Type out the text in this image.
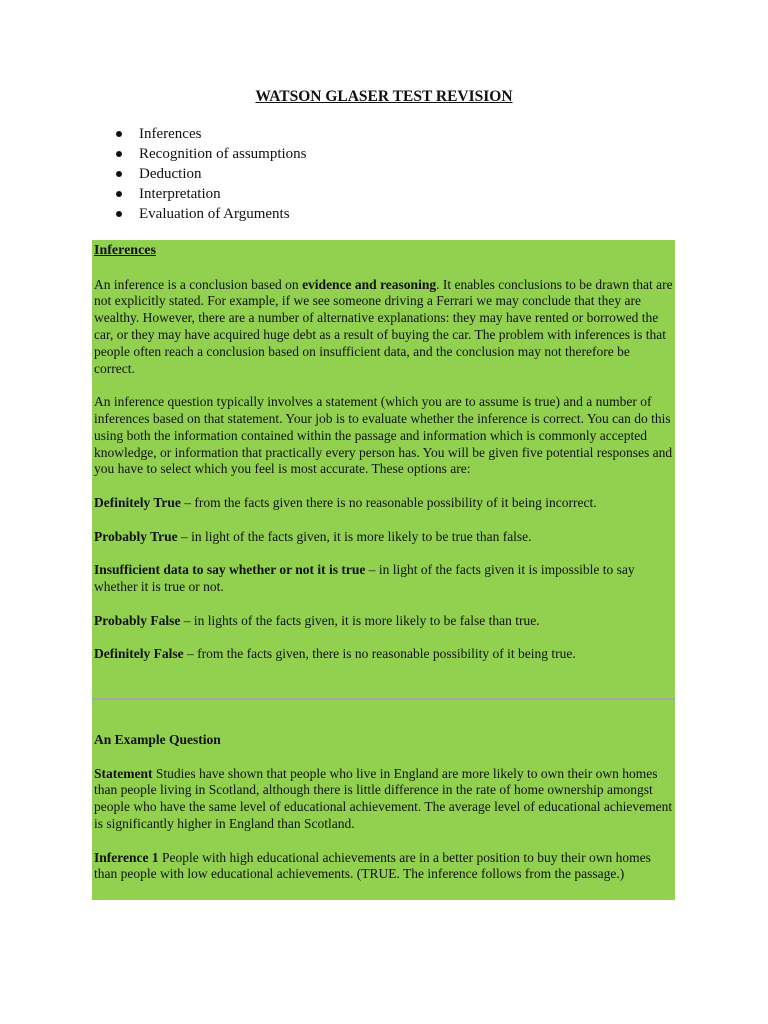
WATSON GLASER TEST REVISION
Inferences
Recognition of assumptions
Deduction
Interpretation
Evaluation of Arguments

Inferences

An inference is a conclusion based on evidence and reasoning. It enables conclusions to be drawn that are not explicitly stated. For example, if we see someone driving a Ferrari we may conclude that they are wealthy. However, there are a number of alternative explanations: they may have rented or borrowed the car, or they may have acquired huge debt as a result of buying the car. The problem with inferences is that people often reach a conclusion based on insufficient data, and the conclusion may not therefore be correct.

An inference question typically involves a statement (which you are to assume is true) and a number of inferences based on that statement. Your job is to evaluate whether the inference is correct. You can do this using both the information contained within the passage and information which is commonly accepted knowledge, or information that practically every person has. You will be given five potential responses and you have to select which you feel is most accurate. These options are:

Definitely True – from the facts given there is no reasonable possibility of it being incorrect.

Probably True – in light of the facts given, it is more likely to be true than false.

Insufficient data to say whether or not it is true – in light of the facts given it is impossible to say whether it is true or not.

Probably False – in lights of the facts given, it is more likely to be false than true.

Definitely False – from the facts given, there is no reasonable possibility of it being true.

An Example Question

Statement Studies have shown that people who live in England are more likely to own their own homes than people living in Scotland, although there is little difference in the rate of home ownership amongst people who have the same level of educational achievement. The average level of educational achievement is significantly higher in England than Scotland.

Inference 1 People with high educational achievements are in a better position to buy their own homes than people with low educational achievements. (TRUE. The inference follows from the passage.)
